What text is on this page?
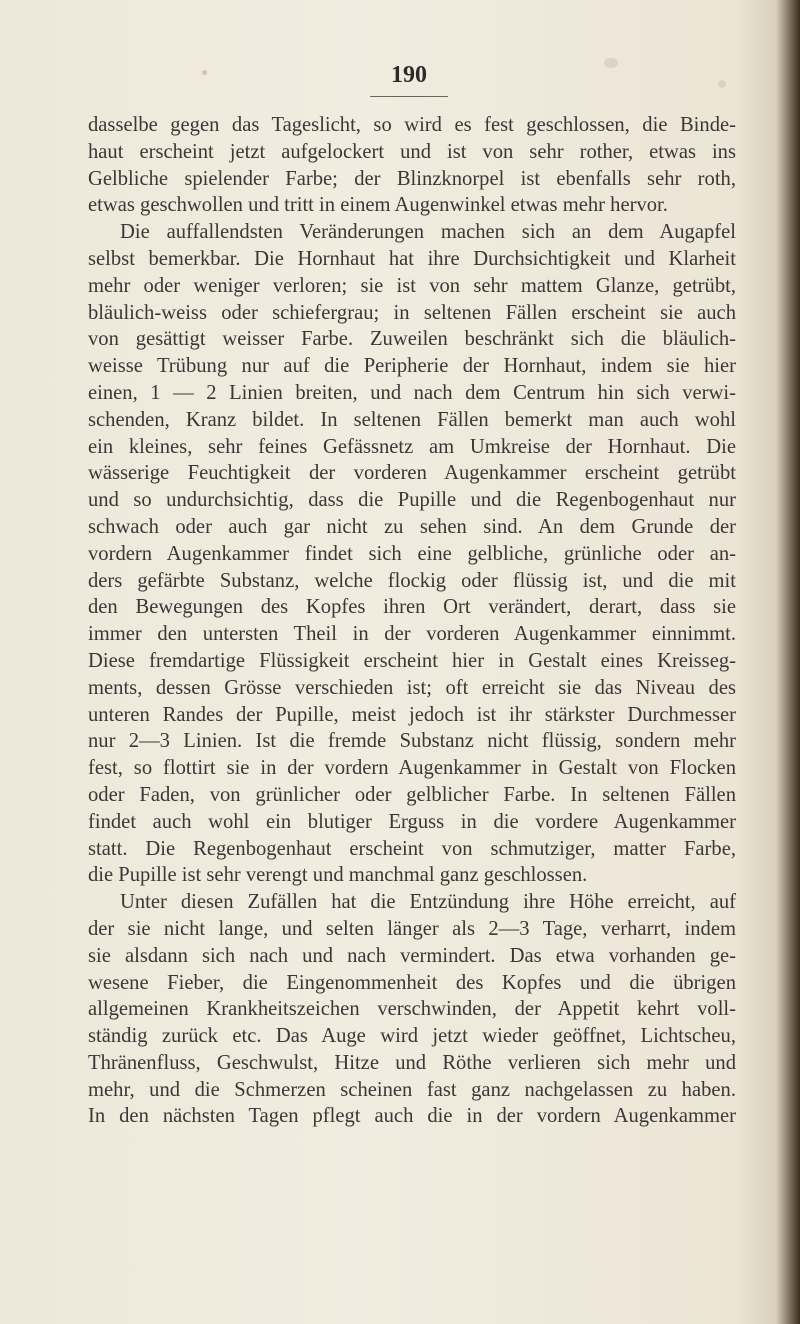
190
dasselbe gegen das Tageslicht, so wird es fest geschlossen, die Binde-
haut erscheint jetzt aufgelockert und ist von sehr rother, etwas ins
Gelbliche spielender Farbe; der Blinzknorpel ist ebenfalls sehr roth,
etwas geschwollen und tritt in einem Augenwinkel etwas mehr hervor.
Die auffallendsten Veränderungen machen sich an dem Augapfel
selbst bemerkbar. Die Hornhaut hat ihre Durchsichtigkeit und Klarheit
mehr oder weniger verloren; sie ist von sehr mattem Glanze, getrübt,
bläulich-weiss oder schiefergrau; in seltenen Fällen erscheint sie auch
von gesättigt weisser Farbe. Zuweilen beschränkt sich die bläulich-
weisse Trübung nur auf die Peripherie der Hornhaut, indem sie hier
einen, 1 — 2 Linien breiten, und nach dem Centrum hin sich verwi-
schenden, Kranz bildet. In seltenen Fällen bemerkt man auch wohl
ein kleines, sehr feines Gefässnetz am Umkreise der Hornhaut. Die
wässerige Feuchtigkeit der vorderen Augenkammer erscheint getrübt
und so undurchsichtig, dass die Pupille und die Regenbogenhaut nur
schwach oder auch gar nicht zu sehen sind. An dem Grunde der
vordern Augenkammer findet sich eine gelbliche, grünliche oder an-
ders gefärbte Substanz, welche flockig oder flüssig ist, und die mit
den Bewegungen des Kopfes ihren Ort verändert, derart, dass sie
immer den untersten Theil in der vorderen Augenkammer einnimmt.
Diese fremdartige Flüssigkeit erscheint hier in Gestalt eines Kreisseg-
ments, dessen Grösse verschieden ist; oft erreicht sie das Niveau des
unteren Randes der Pupille, meist jedoch ist ihr stärkster Durchmesser
nur 2—3 Linien. Ist die fremde Substanz nicht flüssig, sondern mehr
fest, so flottirt sie in der vordern Augenkammer in Gestalt von Flocken
oder Faden, von grünlicher oder gelblicher Farbe. In seltenen Fällen
findet auch wohl ein blutiger Erguss in die vordere Augenkammer
statt. Die Regenbogenhaut erscheint von schmutziger, matter Farbe,
die Pupille ist sehr verengt und manchmal ganz geschlossen.
Unter diesen Zufällen hat die Entzündung ihre Höhe erreicht, auf
der sie nicht lange, und selten länger als 2—3 Tage, verharrt, indem
sie alsdann sich nach und nach vermindert. Das etwa vorhanden ge-
wesene Fieber, die Eingenommenheit des Kopfes und die übrigen
allgemeinen Krankheitszeichen verschwinden, der Appetit kehrt voll-
ständig zurück etc. Das Auge wird jetzt wieder geöffnet, Lichtscheu,
Thränenfluss, Geschwulst, Hitze und Röthe verlieren sich mehr und
mehr, und die Schmerzen scheinen fast ganz nachgelassen zu haben.
In den nächsten Tagen pflegt auch die in der vordern Augenkammer
